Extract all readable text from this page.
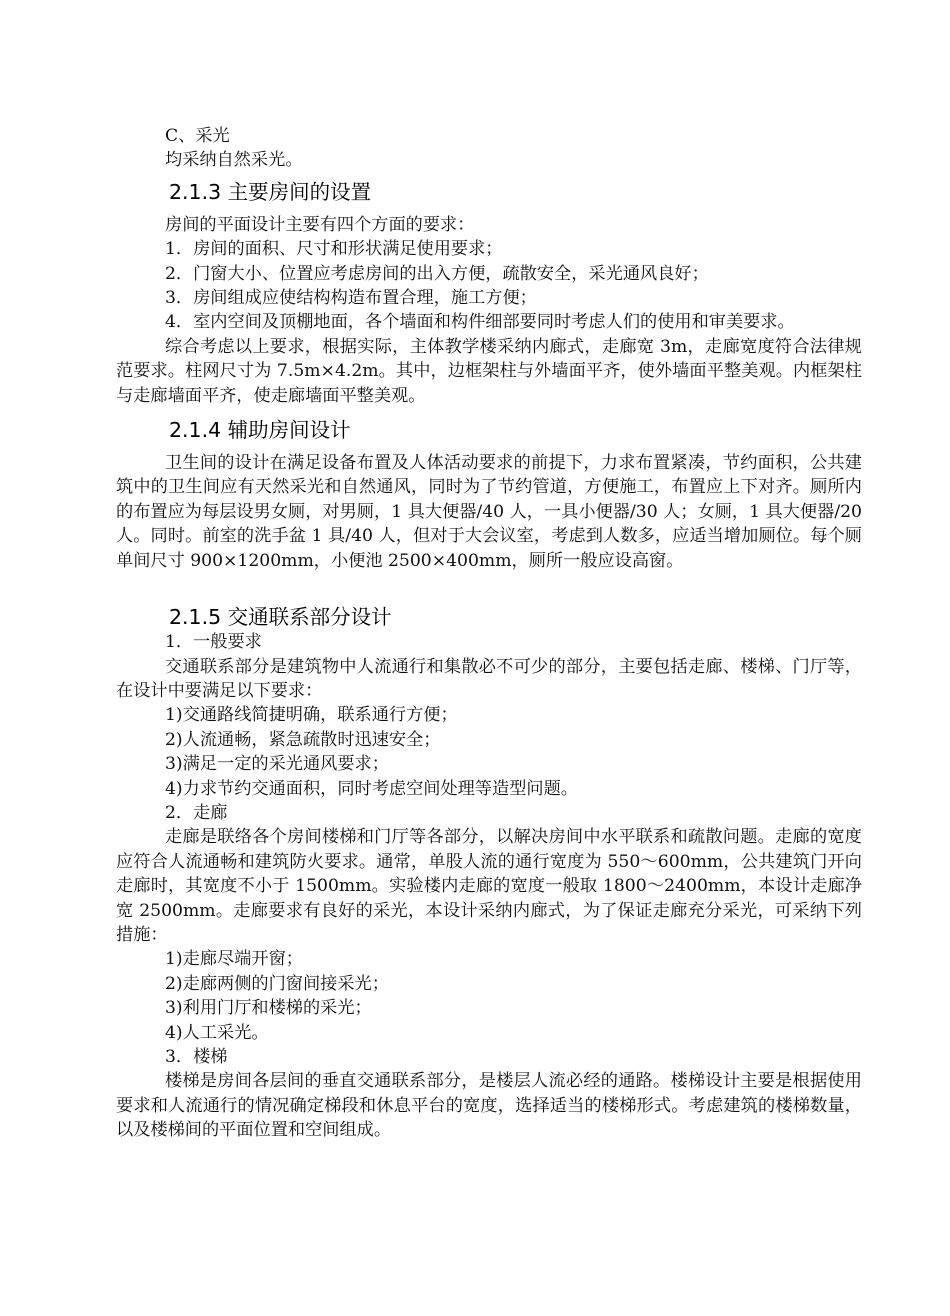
C、采光
均采纳自然采光。
2.1.3 主要房间的设置
房间的平面设计主要有四个方面的要求：
1．房间的面积、尺寸和形状满足使用要求；
2．门窗大小、位置应考虑房间的出入方便，疏散安全，采光通风良好；
3．房间组成应使结构构造布置合理，施工方便；
4．室内空间及顶棚地面，各个墙面和构件细部要同时考虑人们的使用和审美要求。
综合考虑以上要求，根据实际，主体教学楼采纳内廊式，走廊宽 3m，走廊宽度符合法律规范要求。柱网尺寸为 7.5m×4.2m。其中，边框架柱与外墙面平齐，使外墙面平整美观。内框架柱与走廊墙面平齐，使走廊墙面平整美观。
2.1.4 辅助房间设计
卫生间的设计在满足设备布置及人体活动要求的前提下，力求布置紧凑，节约面积，公共建筑中的卫生间应有天然采光和自然通风，同时为了节约管道，方便施工，布置应上下对齐。厕所内的布置应为每层设男女厕，对男厕，1 具大便器/40 人，一具小便器/30 人；女厕，1 具大便器/20 人。同时。前室的洗手盆 1 具/40 人，但对于大会议室，考虑到人数多，应适当增加厕位。每个厕单间尺寸 900×1200mm，小便池 2500×400mm，厕所一般应设高窗。
2.1.5 交通联系部分设计
1．一般要求
交通联系部分是建筑物中人流通行和集散必不可少的部分，主要包括走廊、楼梯、门厅等，在设计中要满足以下要求：
1)交通路线简捷明确，联系通行方便；
2)人流通畅，紧急疏散时迅速安全；
3)满足一定的采光通风要求；
4)力求节约交通面积，同时考虑空间处理等造型问题。
2．走廊
走廊是联络各个房间楼梯和门厅等各部分，以解决房间中水平联系和疏散问题。走廊的宽度应符合人流通畅和建筑防火要求。通常，单股人流的通行宽度为 550～600mm，公共建筑门开向走廊时，其宽度不小于 1500mm。实验楼内走廊的宽度一般取 1800～2400mm，本设计走廊净宽 2500mm。走廊要求有良好的采光，本设计采纳内廊式，为了保证走廊充分采光，可采纳下列措施：
1)走廊尽端开窗；
2)走廊两侧的门窗间接采光；
3)利用门厅和楼梯的采光；
4)人工采光。
3．楼梯
楼梯是房间各层间的垂直交通联系部分，是楼层人流必经的通路。楼梯设计主要是根据使用要求和人流通行的情况确定梯段和休息平台的宽度，选择适当的楼梯形式。考虑建筑的楼梯数量，以及楼梯间的平面位置和空间组成。
